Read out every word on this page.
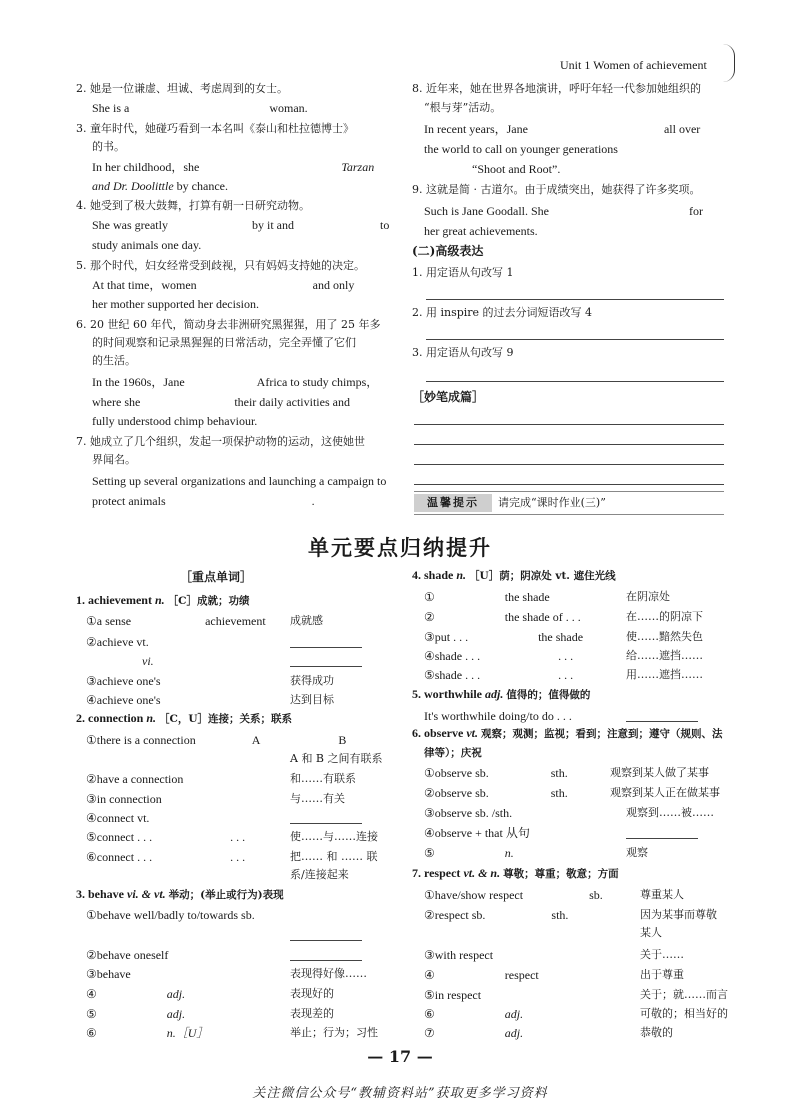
Unit 1 Women of achievement
2. 她是一位谦虚、坦诚、考虑周到的女士。
She is a	woman.
3. 童年时代，她碰巧看到一本名叫《泰山和杜拉德博士》
的书。
In her childhood，she	Tarzan
and Dr. Doolittle by chance.
4. 她受到了极大鼓舞，打算有朝一日研究动物。
She was greatly	by it and	to
study animals one day.
5. 那个时代，妇女经常受到歧视，只有妈妈支持她的决定。
At that time，women	and only
her mother supported her decision.
6. 20 世纪 60 年代，简动身去非洲研究黑猩猩，用了 25 年多
的时间观察和记录黑猩猩的日常活动，完全弄懂了它们
的生活。
In the 1960s，Jane	Africa to study chimps，
where she	their daily activities and
fully understood chimp behaviour.
7. 她成立了几个组织，发起一项保护动物的运动，这使她世
界闻名。
Setting up several organizations and launching a campaign to
protect animals	.
8. 近年来，她在世界各地演讲，呼吁年轻一代参加她组织的
“根与芽”活动。
In recent years，Jane	all over
the world to call on younger generations
“Shoot and Root”.
9. 这就是简 · 古道尔。由于成绩突出，她获得了许多奖项。
Such is Jane Goodall. She	for
her great achievements.
(二)高级表达
1. 用定语从句改写 1
2. 用 inspire 的过去分词短语改写 4
3. 用定语从句改写 9
［妙笔成篇］
温馨提示	请完成“课时作业(三)”
单元要点归纳提升
［重点单词］
1. achievement n. ［C］成就；功绩
①a sense	achievement 成就感
②achieve vt.
vi.
③achieve one's	获得成功
④achieve one's	达到目标
2. connection n. ［C，U］连接；关系；联系
①there is a connection	A	B
A 和 B 之间有联系
②have a connection	和……有联系
③in connection	与……有关
④connect vt.
⑤connect . . .	. . .	使……与……连接
⑥connect . . .	. . .	把…… 和 …… 联
系/连接起来
3. behave vi. & vt. 举动；(举止或行为)表现
①behave well/badly to/towards sb.
②behave oneself
③behave	表现得好像……
④	adj.	表现好的
⑤	adj.	表现差的
⑥	n.［U］	举止；行为；习性
4. shade n. ［U］荫；阴凉处 vt. 遮住光线
①	the shade	在阴凉处
②	the shade of . . .	在……的阴凉下
③put . . .	the shade	使……黯然失色
④shade . . .	. . .	给……遮挡……
⑤shade . . .	. . .	用……遮挡……
5. worthwhile adj. 值得的；值得做的
It's worthwhile doing/to do . . .
6. observe vt. 观察；观测；监视；看到；注意到；遵守（规则、法
律等）；庆祝
①observe sb.	sth.	观察到某人做了某事
②observe sb.	sth.	观察到某人正在做某事
③observe sb. /sth.	观察到……被……
④observe + that 从句
⑤	n.	观察
7. respect vt. & n. 尊敬；尊重；敬意；方面
①have/show respect	sb.	尊重某人
②respect sb.	sth.	因为某事而尊敬
某人
③with respect	关于……
④	respect	出于尊重
⑤in respect	关于；就……而言
⑥	adj.	可敬的；相当好的
⑦	adj.	恭敬的
— 17 —
关注微信公众号“教辅资料站”获取更多学习资料
